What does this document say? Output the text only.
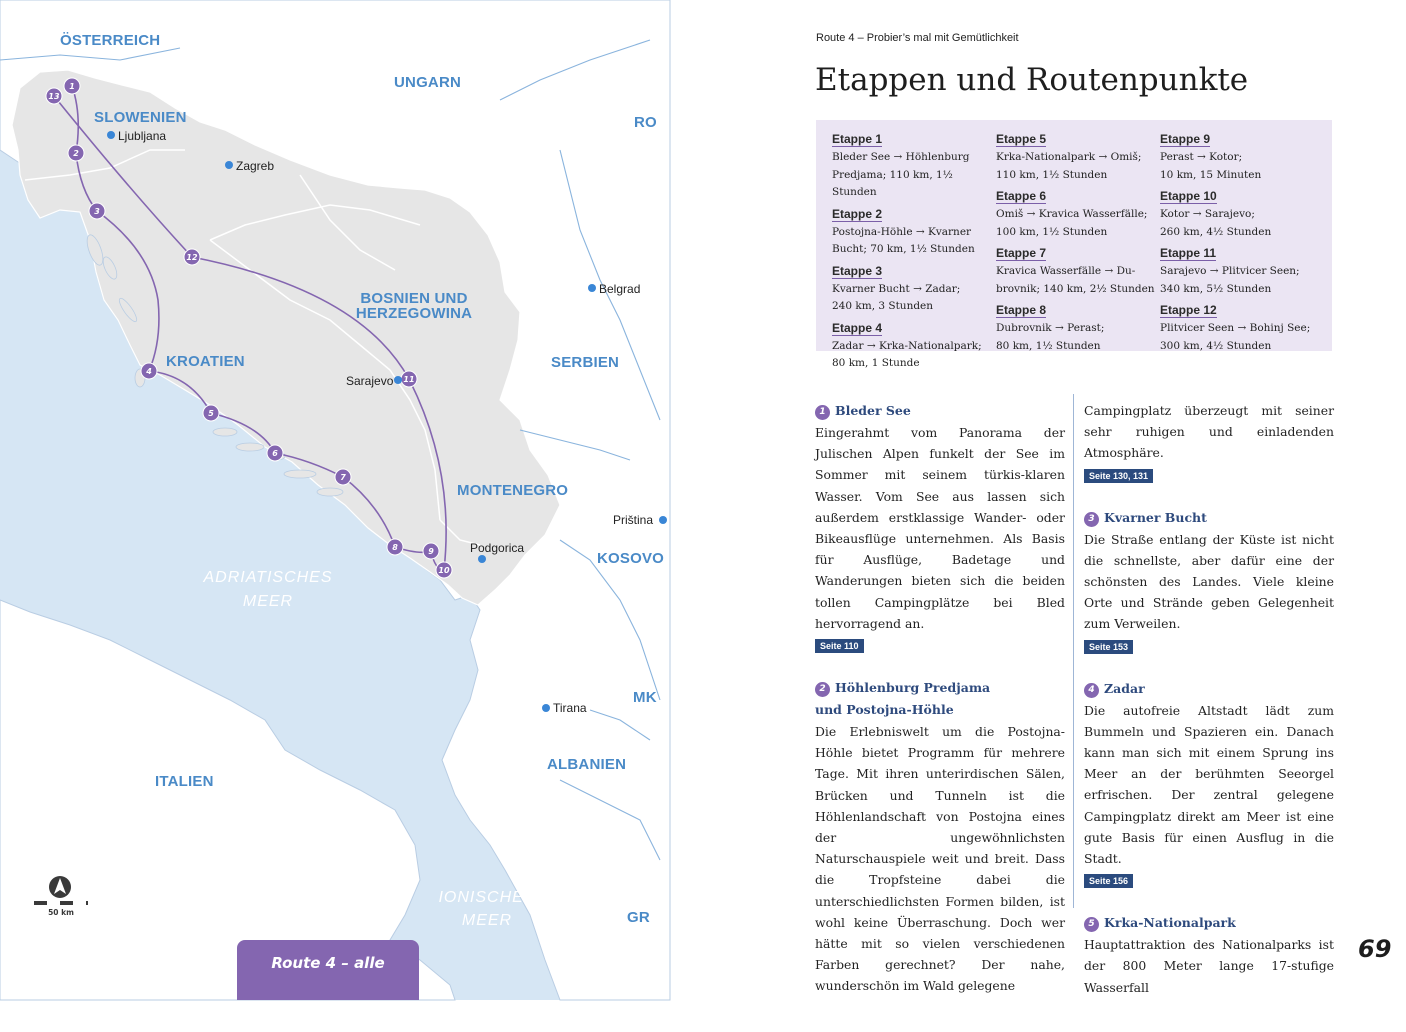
1
2
3
4
5
6
7
8	9
10
11
12
13
ÖSTERREICH
UNGARN
RO
SLOWENIEN
KROATIEN	SERBIEN
MONTENEGRO
KOSOVO
MK
ALBANIEN
ITALIEN
GR
BOSNIEN UND
HERZEGOWINA
ADRIATISCHES
MEER
IONISCHES
MEER
TYRRHENISCHES
MEER
Ljubljana
Zagreb
Belgrad
Sarajevo
Podgorica
Priština
Tirana
50 km
Route 4 – alle Etappen
Route 4 – Probier’s mal mit Gemütlichkeit
Etappen und Routenpunkte
Etappe 1
Bleder See → Höhlenburg
Predjama; 110 km, 1½ Stunden
Etappe 2
Postojna-Höhle → Kvarner
Bucht; 70 km, 1½ Stunden
Etappe 3
Kvarner Bucht → Zadar;
240 km, 3 Stunden
Etappe 4
Zadar → Krka-Nationalpark;
80 km, 1 Stunde
Etappe 5
Krka-Nationalpark → Omiš;
110 km, 1½ Stunden
Etappe 6
Omiš → Kravica Wasserfälle;
100 km, 1½ Stunden
Etappe 7
Kravica Wasserfälle → Du-
brovnik; 140 km, 2½ Stunden
Etappe 8
Dubrovnik → Perast;
80 km, 1½ Stunden
Etappe 9
Perast → Kotor;
10 km, 15 Minuten
Etappe 10
Kotor → Sarajevo;
260 km, 4½ Stunden
Etappe 11
Sarajevo → Plitvicer Seen;
340 km, 5½ Stunden
Etappe 12
Plitvicer Seen → Bohinj See;
300 km, 4½ Stunden
1 Bleder See
Eingerahmt vom Panorama der Julischen Alpen funkelt der See im Sommer mit seinem türkis-klaren Wasser. Vom See aus lassen sich außerdem erstklassige Wander- oder Bikeausflüge unternehmen. Als Basis für Ausflüge, Badetage und Wanderungen bieten sich die beiden tollen Campingplätze bei Bled hervorragend an.
Seite 110
2 Höhlenburg Predjama
und Postojna-Höhle
Die Erlebniswelt um die Postojna-Höhle bietet Programm für mehrere Tage. Mit ihren unterirdischen Sälen, Brücken und Tunneln ist die Höhlenlandschaft von Postojna eines der ungewöhnlichsten Naturschauspiele weit und breit. Dass die Tropfsteine dabei die unterschiedlichsten Formen bilden, ist wohl keine Überraschung. Doch wer hätte mit so vielen verschiedenen Farben gerechnet? Der nahe, wunderschön im Wald gelegene
Campingplatz überzeugt mit seiner sehr ruhigen und einladenden Atmosphäre.
Seite 130, 131
3 Kvarner Bucht
Die Straße entlang der Küste ist nicht die schnellste, aber dafür eine der schönsten des Landes. Viele kleine Orte und Strände geben Gelegenheit zum Verweilen.
Seite 153
4 Zadar
Die autofreie Altstadt lädt zum Bummeln und Spazieren ein. Danach kann man sich mit einem Sprung ins Meer an der berühmten Seeorgel erfrischen. Der zentral gelegene Campingplatz direkt am Meer ist eine gute Basis für einen Ausflug in die Stadt.
Seite 156
5 Krka-Nationalpark
Hauptattraktion des Nationalparks ist der 800 Meter lange 17-stufige Wasserfall
69
